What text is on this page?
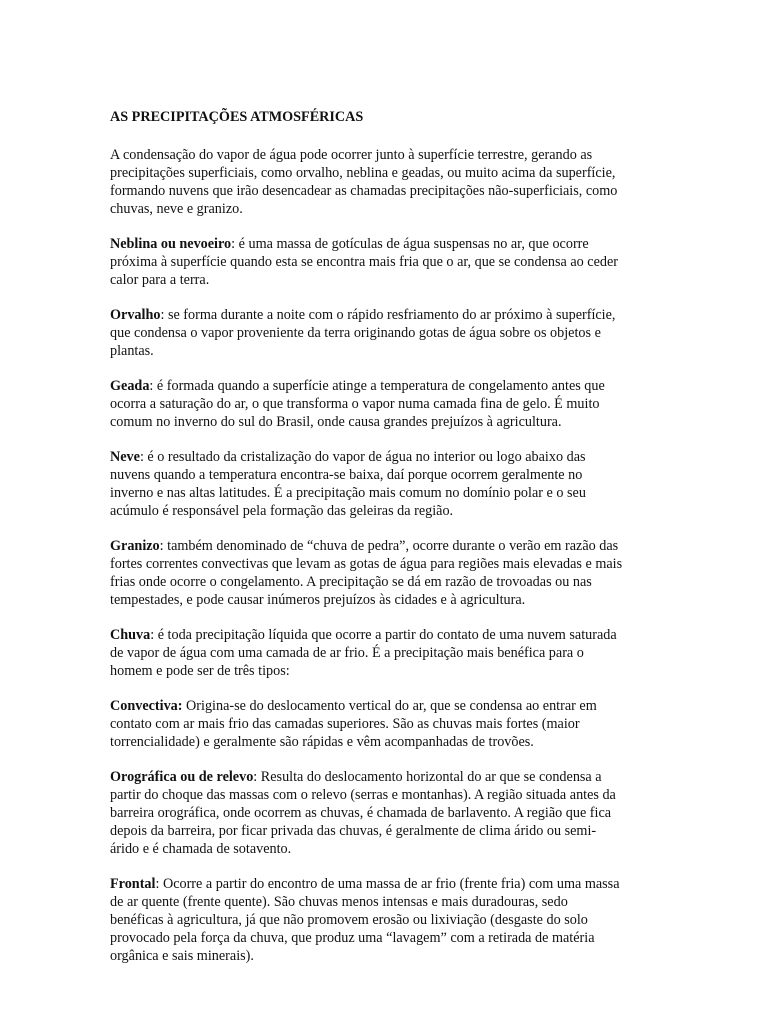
AS PRECIPITAÇÕES ATMOSFÉRICAS

A condensação do vapor de água pode ocorrer junto à superfície terrestre, gerando as
precipitações superficiais, como orvalho, neblina e geadas, ou muito acima da superfície,
formando nuvens que irão desencadear as chamadas precipitações não-superficiais, como
chuvas, neve e granizo.

Neblina ou nevoeiro: é uma massa de gotículas de água suspensas no ar, que ocorre
próxima à superfície quando esta se encontra mais fria que o ar, que se condensa ao ceder
calor para a terra.

Orvalho: se forma durante a noite com o rápido resfriamento do ar próximo à superfície,
que condensa o vapor proveniente da terra originando gotas de água sobre os objetos e
plantas.

Geada: é formada quando a superfície atinge a temperatura de congelamento antes que
ocorra a saturação do ar, o que transforma o vapor numa camada fina de gelo. É muito
comum no inverno do sul do Brasil, onde causa grandes prejuízos à agricultura.

Neve: é o resultado da cristalização do vapor de água no interior ou logo abaixo das
nuvens quando a temperatura encontra-se baixa, daí porque ocorrem geralmente no
inverno e nas altas latitudes. É a precipitação mais comum no domínio polar e o seu
acúmulo é responsável pela formação das geleiras da região.

Granizo: também denominado de “chuva de pedra”, ocorre durante o verão em razão das
fortes correntes convectivas que levam as gotas de água para regiões mais elevadas e mais
frias onde ocorre o congelamento. A precipitação se dá em razão de trovoadas ou nas
tempestades, e pode causar inúmeros prejuízos às cidades e à agricultura.

Chuva: é toda precipitação líquida que ocorre a partir do contato de uma nuvem saturada
de vapor de água com uma camada de ar frio. É a precipitação mais benéfica para o
homem e pode ser de três tipos:

Convectiva: Origina-se do deslocamento vertical do ar, que se condensa ao entrar em
contato com ar mais frio das camadas superiores. São as chuvas mais fortes (maior
torrencialidade) e geralmente são rápidas e vêm acompanhadas de trovões.

Orográfica ou de relevo: Resulta do deslocamento horizontal do ar que se condensa a
partir do choque das massas com o relevo (serras e montanhas). A região situada antes da
barreira orográfica, onde ocorrem as chuvas, é chamada de barlavento. A região que fica
depois da barreira, por ficar privada das chuvas, é geralmente de clima árido ou semi-
árido e é chamada de sotavento.

Frontal: Ocorre a partir do encontro de uma massa de ar frio (frente fria) com uma massa
de ar quente (frente quente). São chuvas menos intensas e mais duradouras, sedo
benéficas à agricultura, já que não promovem erosão ou lixiviação (desgaste do solo
provocado pela força da chuva, que produz uma “lavagem” com a retirada de matéria
orgânica e sais minerais).
